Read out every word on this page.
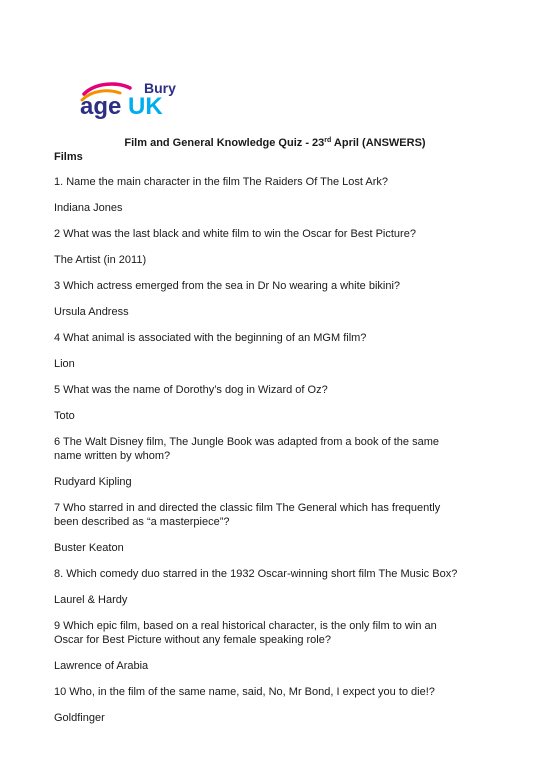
age UK
Bury
Film and General Knowledge Quiz - 23rd April (ANSWERS)
Films
1. Name the main character in the film The Raiders Of The Lost Ark?
Indiana Jones
2 What was the last black and white film to win the Oscar for Best Picture?
The Artist (in 2011)
3 Which actress emerged from the sea in Dr No wearing a white bikini?
Ursula Andress
4 What animal is associated with the beginning of an MGM film?
Lion
5 What was the name of Dorothy’s dog in Wizard of Oz?
Toto
6 The Walt Disney film, The Jungle Book was adapted from a book of the same
name written by whom?
Rudyard Kipling
7 Who starred in and directed the classic film The General which has frequently
been described as “a masterpiece”?
Buster Keaton
8. Which comedy duo starred in the 1932 Oscar-winning short film The Music Box?
Laurel & Hardy
9 Which epic film, based on a real historical character, is the only film to win an
Oscar for Best Picture without any female speaking role?
Lawrence of Arabia
10 Who, in the film of the same name, said, No, Mr Bond, I expect you to die!?
Goldfinger
